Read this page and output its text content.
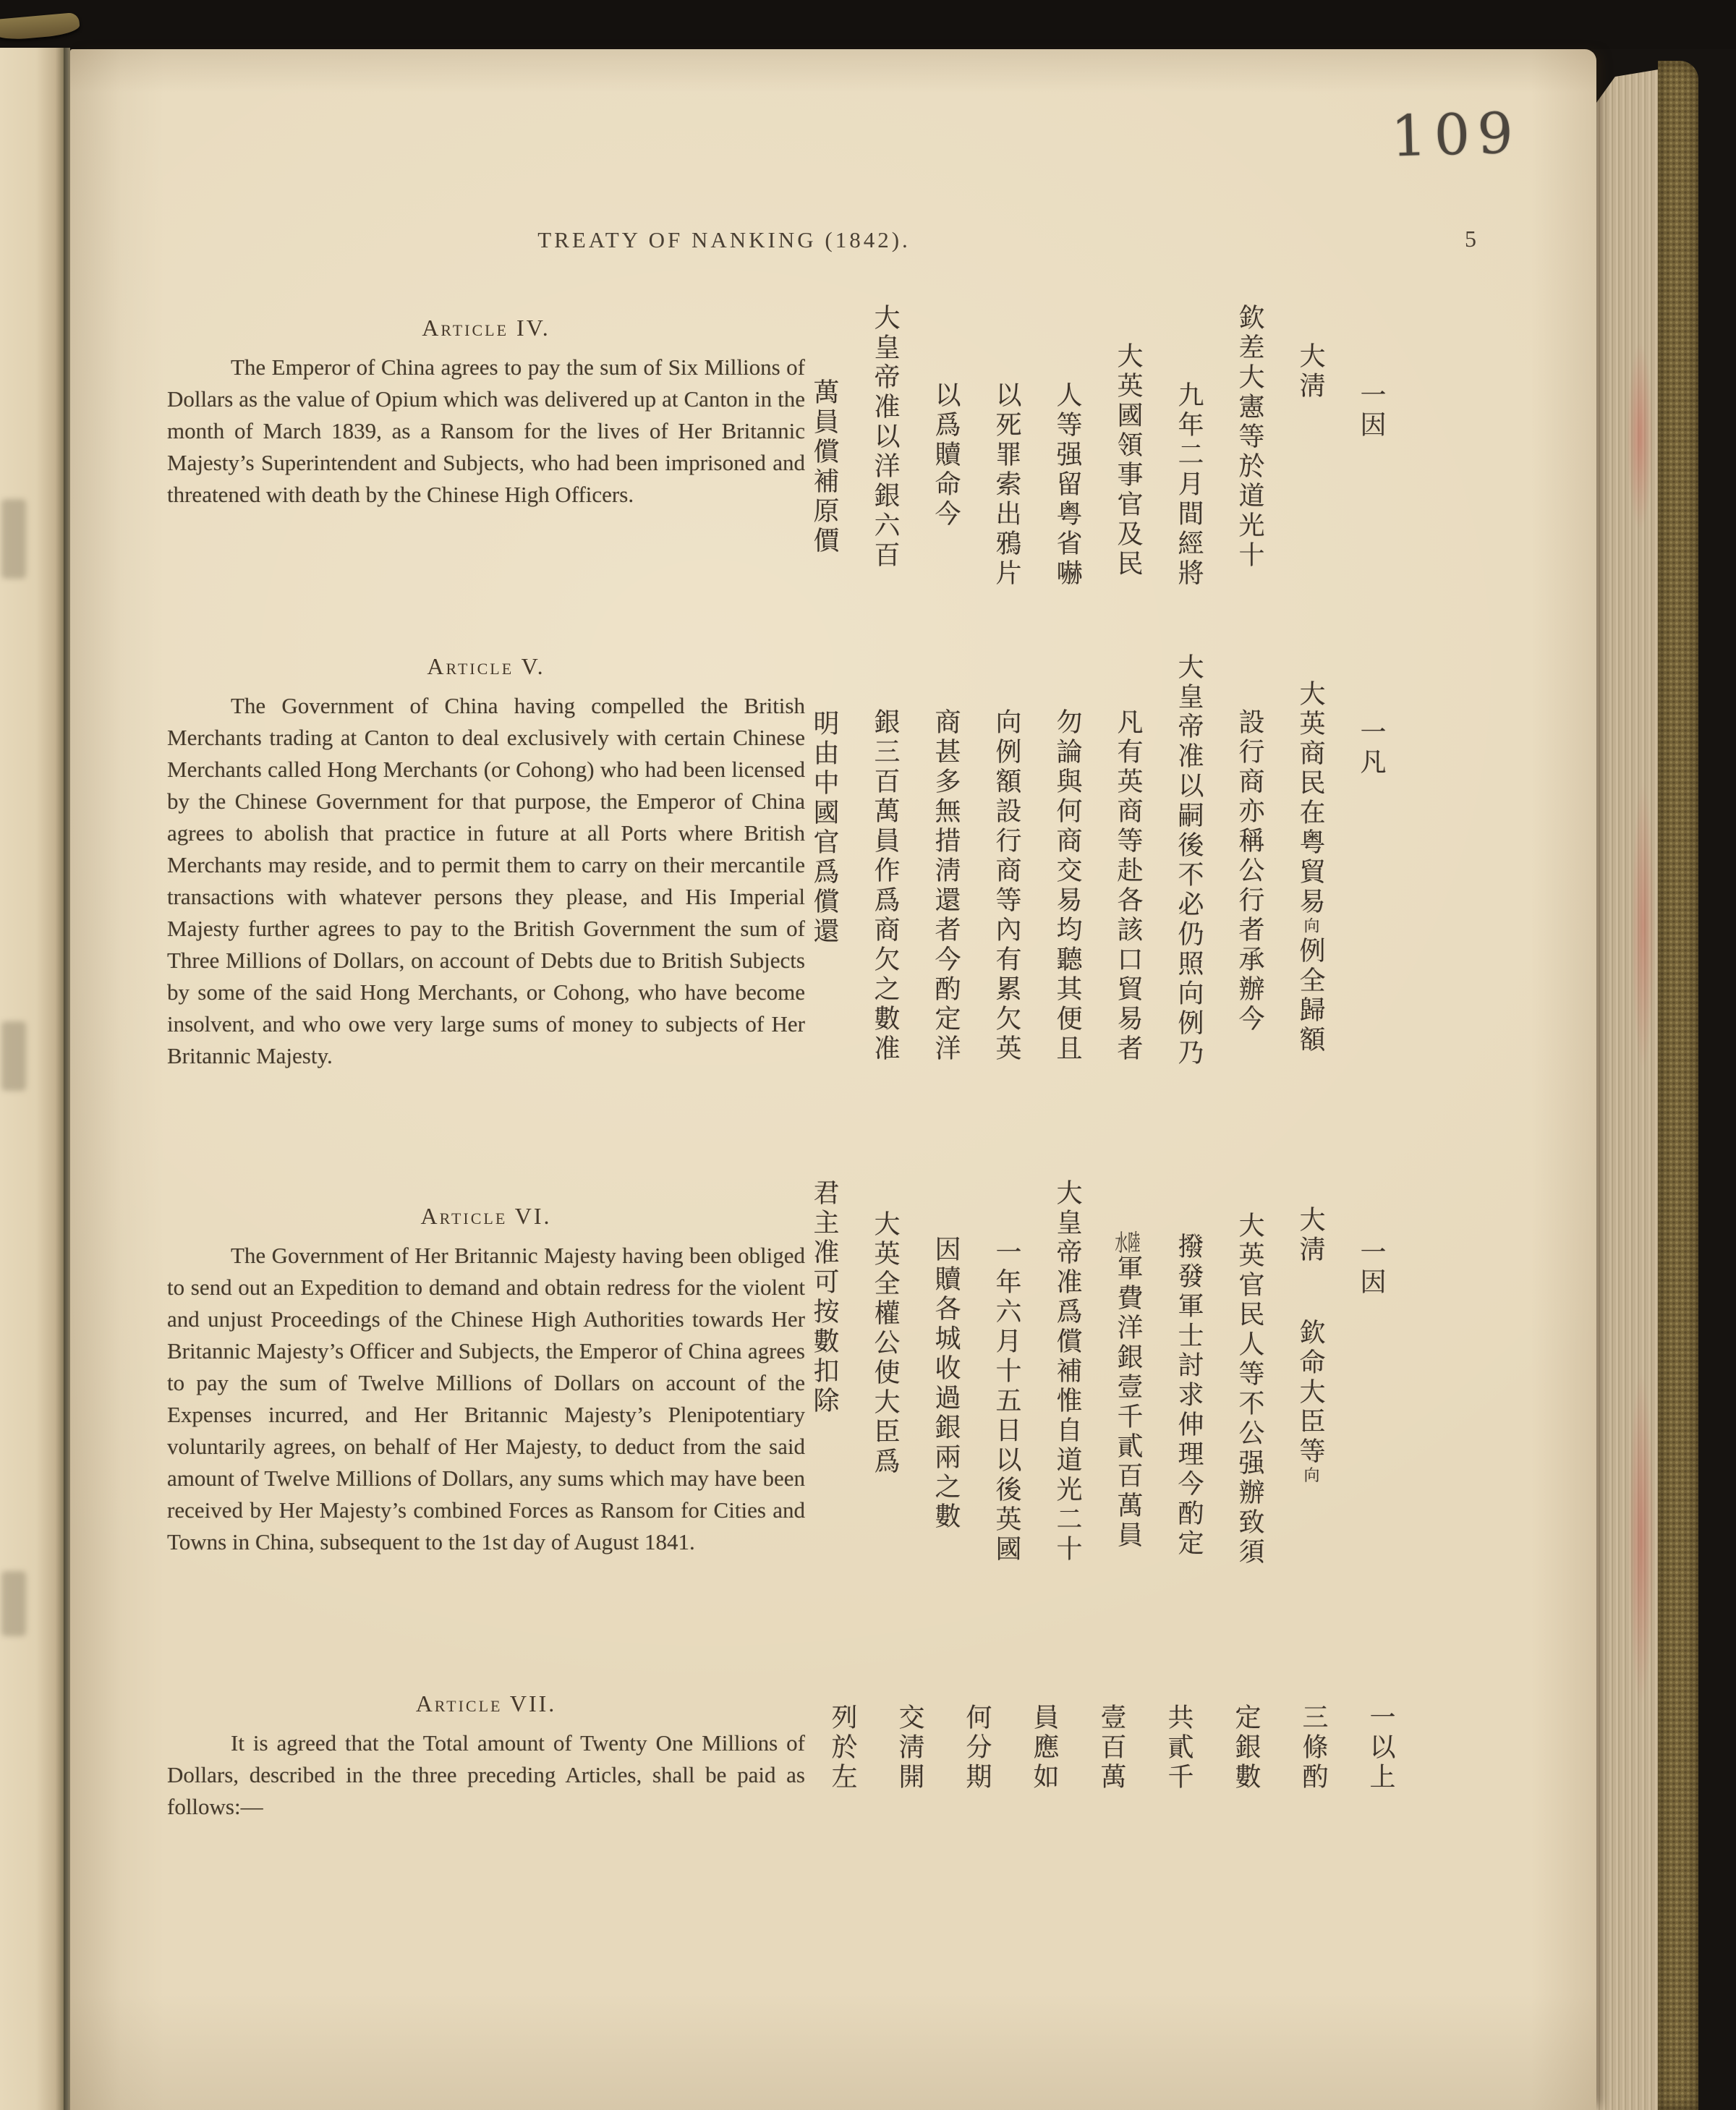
109
TREATY OF NANKING (1842).	5
Article IV.

The Emperor of China agrees to pay the sum of Six Millions of Dollars as the value of Opium which was delivered up at Canton in the month of March 1839, as a Ransom for the lives of Her Britannic Majesty’s Superintendent and Subjects, who had been imprisoned and threatened with death by the Chinese High Officers.

Article V.

The Government of China having compelled the British Merchants trading at Canton to deal exclusively with certain Chinese Merchants called Hong Merchants (or Cohong) who had been licensed by the Chinese Government for that purpose, the Emperor of China agrees to abolish that practice in future at all Ports where British Merchants may reside, and to permit them to carry on their mercantile transactions with whatever persons they please, and His Imperial Majesty further agrees to pay to the British Government the sum of Three Millions of Dollars, on account of Debts due to British Subjects by some of the said Hong Merchants, or Cohong, who have become insolvent, and who owe very large sums of money to subjects of Her Britannic Majesty.

Article VI.

The Government of Her Britannic Majesty having been obliged to send out an Expedition to demand and obtain redress for the violent and unjust Proceedings of the Chinese High Authorities towards Her Britannic Majesty’s Officer and Subjects, the Emperor of China agrees to pay the sum of Twelve Millions of Dollars on account of the Expenses incurred, and Her Britannic Majesty’s Plenipotentiary voluntarily agrees, on behalf of Her Majesty, to deduct from the said amount of Twelve Millions of Dollars, any sums which may have been received by Her Majesty’s combined Forces as Ransom for Cities and Towns in China, subsequent to the 1st day of August 1841.

Article VII.

It is agreed that the Total amount of Twenty One Millions of Dollars, described in the three preceding Articles, shall be paid as follows:—

一因
大淸
欽差大憲等於道光十
九年二月間經將
大英國領事官及民
人等强留粤省嚇
以死罪索出鴉片
以爲贖命今
大皇帝准以洋銀六百
萬員償補原價
一凡
大英商民在粤貿易向例全歸額
設行商亦稱公行者承辦今
大皇帝准以嗣後不必仍照向例乃
凡有英商等赴各該口貿易者
勿論與何商交易均聽其便且
向例額設行商等內有累欠英
商甚多無措淸還者今酌定洋
銀三百萬員作爲商欠之數准
明由中國官爲償還
一因
大淸欽命大臣等向
大英官民人等不公强辦致須
撥發軍士討求伸理今酌定
水陸軍費洋銀壹千貳百萬員
大皇帝准爲償補惟自道光二十
一年六月十五日以後英國
因贖各城收過銀兩之數
大英全權公使大臣爲
君主准可按數扣除
一以上
三條酌
定銀數
共貳千
壹百萬
員應如
何分期
交淸開
列於左
